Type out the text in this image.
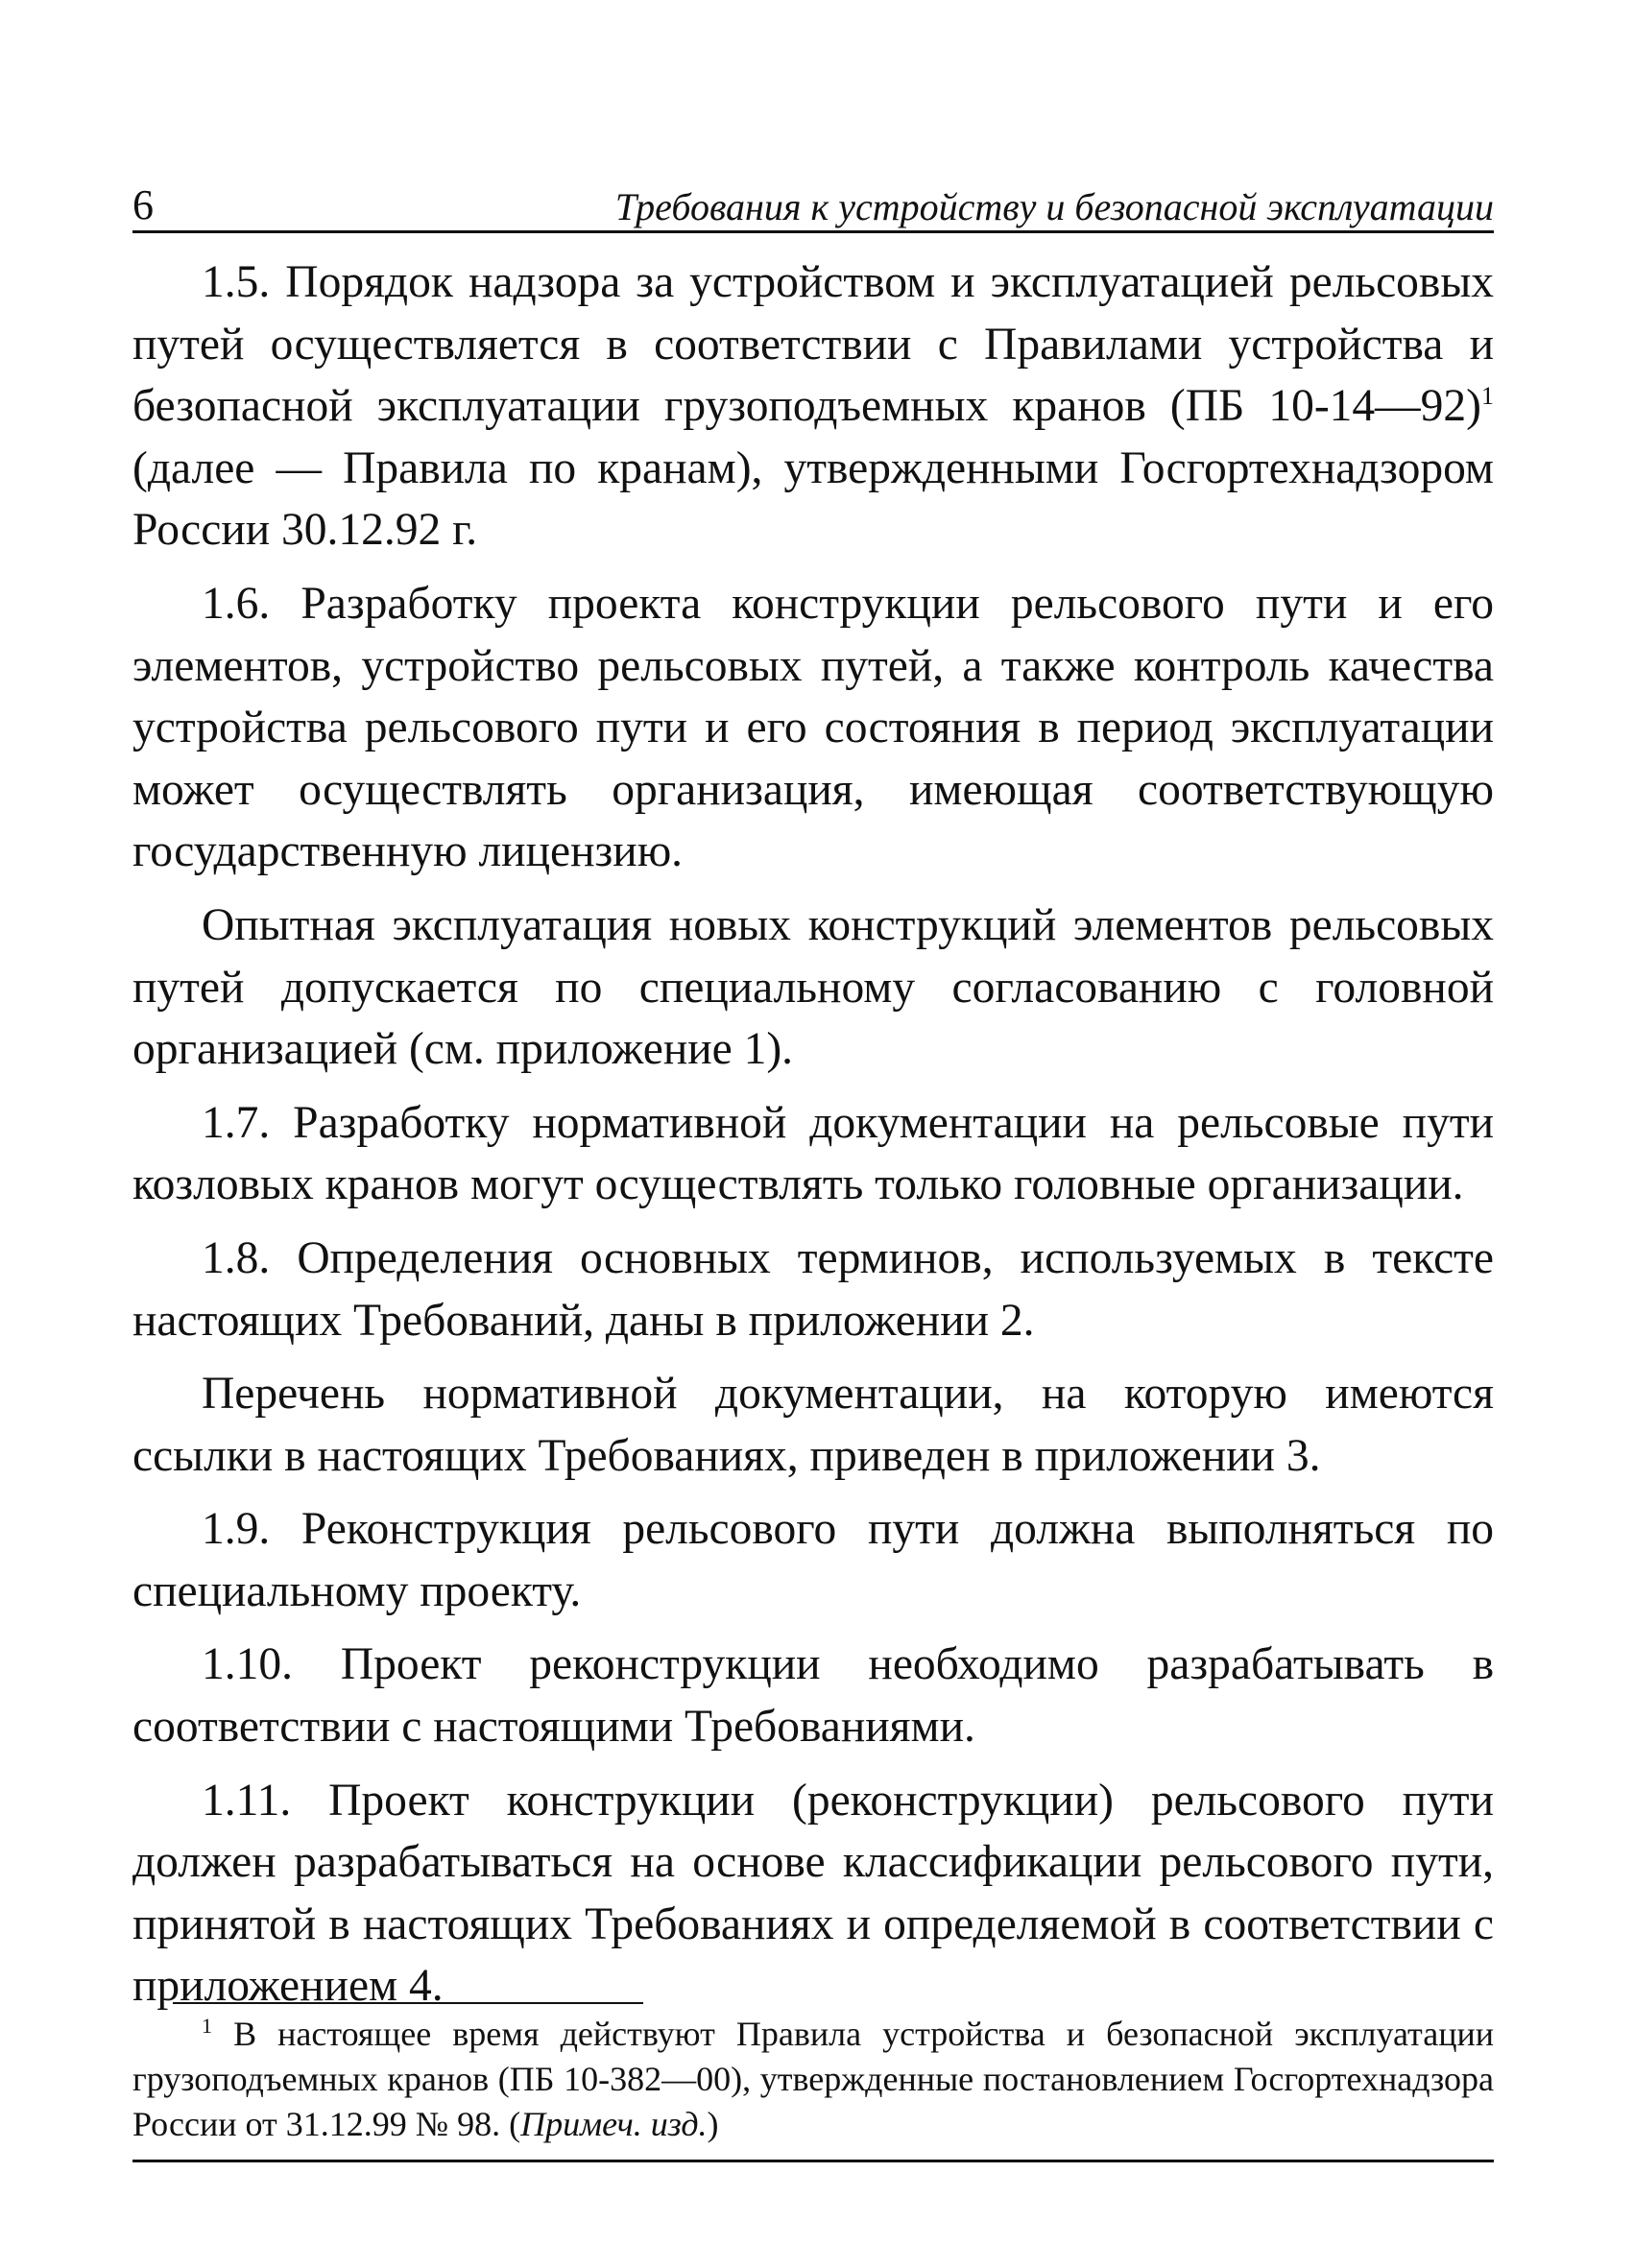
6	Требования к устройству и безопасной эксплуатации

1.5. Порядок надзора за устройством и эксплуатацией рельсовых путей осуществляется в соответствии с Правилами устройства и безопасной эксплуатации грузоподъемных кранов (ПБ 10-14—92)$^1$ (далее — Правила по кранам), утвержденными Госгортехнадзором России 30.12.92 г.

1.6. Разработку проекта конструкции рельсового пути и его элементов, устройство рельсовых путей, а также контроль качества устройства рельсового пути и его состояния в период эксплуатации может осуществлять организация, имеющая соответствующую государственную лицензию.

Опытная эксплуатация новых конструкций элементов рельсовых путей допускается по специальному согласованию с головной организацией (см. приложение 1).

1.7. Разработку нормативной документации на рельсовые пути козловых кранов могут осуществлять только головные организации.

1.8. Определения основных терминов, используемых в тексте настоящих Требований, даны в приложении 2.

Перечень нормативной документации, на которую имеются ссылки в настоящих Требованиях, приведен в приложении 3.

1.9. Реконструкция рельсового пути должна выполняться по специальному проекту.

1.10. Проект реконструкции необходимо разрабатывать в соответствии с настоящими Требованиями.

1.11. Проект конструкции (реконструкции) рельсового пути должен разрабатываться на основе классификации рельсового пути, принятой в настоящих Требованиях и определяемой в соответствии с приложением 4.

$^1$ В настоящее время действуют Правила устройства и безопасной эксплуатации грузоподъемных кранов (ПБ 10-382—00), утвержденные постановлением Госгортехнадзора России от 31.12.99 № 98. (Примеч. изд.)
